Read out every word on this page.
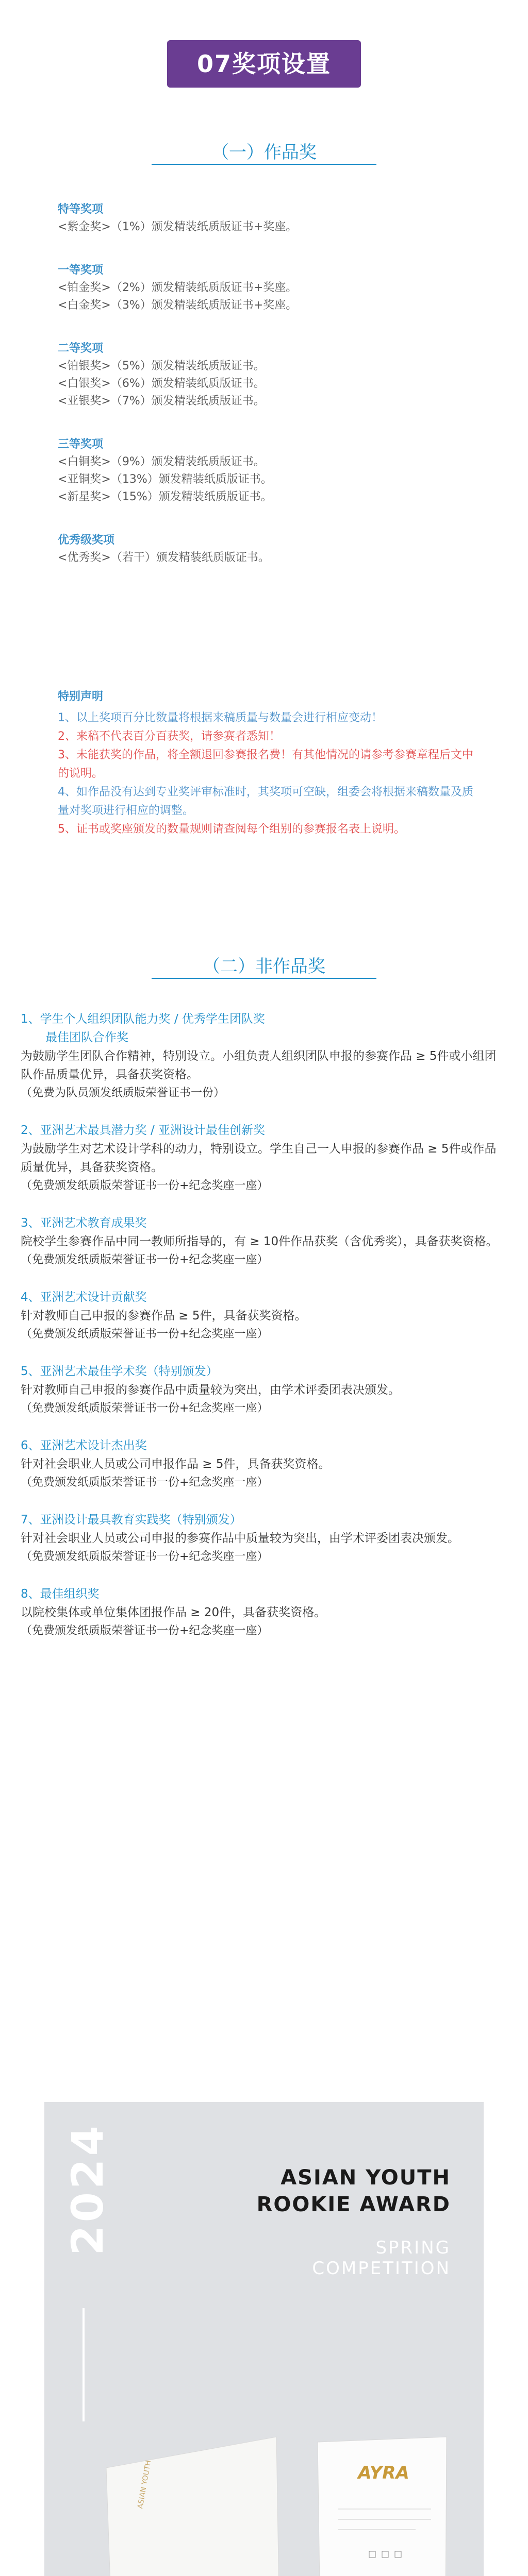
07奖项设置
（一）作品奖
特等奖项
<紫金奖>（1%）颁发精装纸质版证书+奖座。
一等奖项
<铂金奖>（2%）颁发精装纸质版证书+奖座。
<白金奖>（3%）颁发精装纸质版证书+奖座。
二等奖项
<铂银奖>（5%）颁发精装纸质版证书。
<白银奖>（6%）颁发精装纸质版证书。
<亚银奖>（7%）颁发精装纸质版证书。
三等奖项
<白铜奖>（9%）颁发精装纸质版证书。
<亚铜奖>（13%）颁发精装纸质版证书。
<新星奖>（15%）颁发精装纸质版证书。
优秀级奖项
<优秀奖>（若干）颁发精装纸质版证书。
特别声明
1、以上奖项百分比数量将根据来稿质量与数量会进行相应变动！
2、来稿不代表百分百获奖，请参赛者悉知！
3、未能获奖的作品，将全额退回参赛报名费！有其他情况的请参考参赛章程后文中的说明。
4、如作品没有达到专业奖评审标准时，其奖项可空缺，组委会将根据来稿数量及质量对奖项进行相应的调整。
5、证书或奖座颁发的数量规则请查阅每个组别的参赛报名表上说明。
（二）非作品奖
1、学生个人组织团队能力奖 / 优秀学生团队奖
最佳团队合作奖
为鼓励学生团队合作精神，特别设立。小组负责人组织团队申报的参赛作品 ≥ 5件或小组团队作品质量优异，具备获奖资格。
（免费为队员颁发纸质版荣誉证书一份）
2、亚洲艺术最具潜力奖 / 亚洲设计最佳创新奖
为鼓励学生对艺术设计学科的动力，特别设立。学生自己一人申报的参赛作品 ≥ 5件或作品质量优异，具备获奖资格。
（免费颁发纸质版荣誉证书一份+纪念奖座一座）
3、亚洲艺术教育成果奖
院校学生参赛作品中同一教师所指导的，有 ≥ 10件作品获奖（含优秀奖），具备获奖资格。
（免费颁发纸质版荣誉证书一份+纪念奖座一座）
4、亚洲艺术设计贡献奖
针对教师自己申报的参赛作品 ≥ 5件，具备获奖资格。
（免费颁发纸质版荣誉证书一份+纪念奖座一座）
5、亚洲艺术最佳学术奖（特别颁发）
针对教师自己申报的参赛作品中质量较为突出，由学术评委团表决颁发。
（免费颁发纸质版荣誉证书一份+纪念奖座一座）
6、亚洲艺术设计杰出奖
针对社会职业人员或公司申报作品 ≥ 5件，具备获奖资格。
（免费颁发纸质版荣誉证书一份+纪念奖座一座）
7、亚洲设计最具教育实践奖（特别颁发）
针对社会职业人员或公司申报的参赛作品中质量较为突出，由学术评委团表决颁发。
（免费颁发纸质版荣誉证书一份+纪念奖座一座）
8、最佳组织奖
以院校集体或单位集体团报作品 ≥ 20件，具备获奖资格。
（免费颁发纸质版荣誉证书一份+纪念奖座一座）
2024	ASIAN YOUTH
ROOKIE AWARD
SPRING
COMPETITION
ASIAN YOUTH	AYRA
